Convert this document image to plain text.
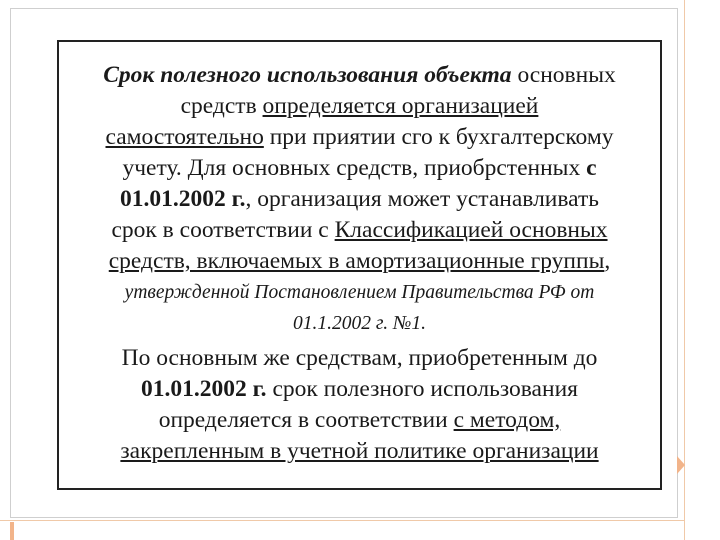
Срок полезного использования объекта основных

средств определяется организацией

самостоятельно при приятии сго к бухгалтерскому

учету. Для основных средств, приобрстенных с

01.01.2002 г., организация может устанавливать

срок в соответствии с Классификацией основных

средств, включаемых в амортизационные группы,

утвержденной Постановлением Правительства РФ от

01.1.2002 г. №1.

По основным же средствам, приобретенным до

01.01.2002 г. срок полезного использования

определяется в соответствии с методом,

закрепленным в учетной политике организации
